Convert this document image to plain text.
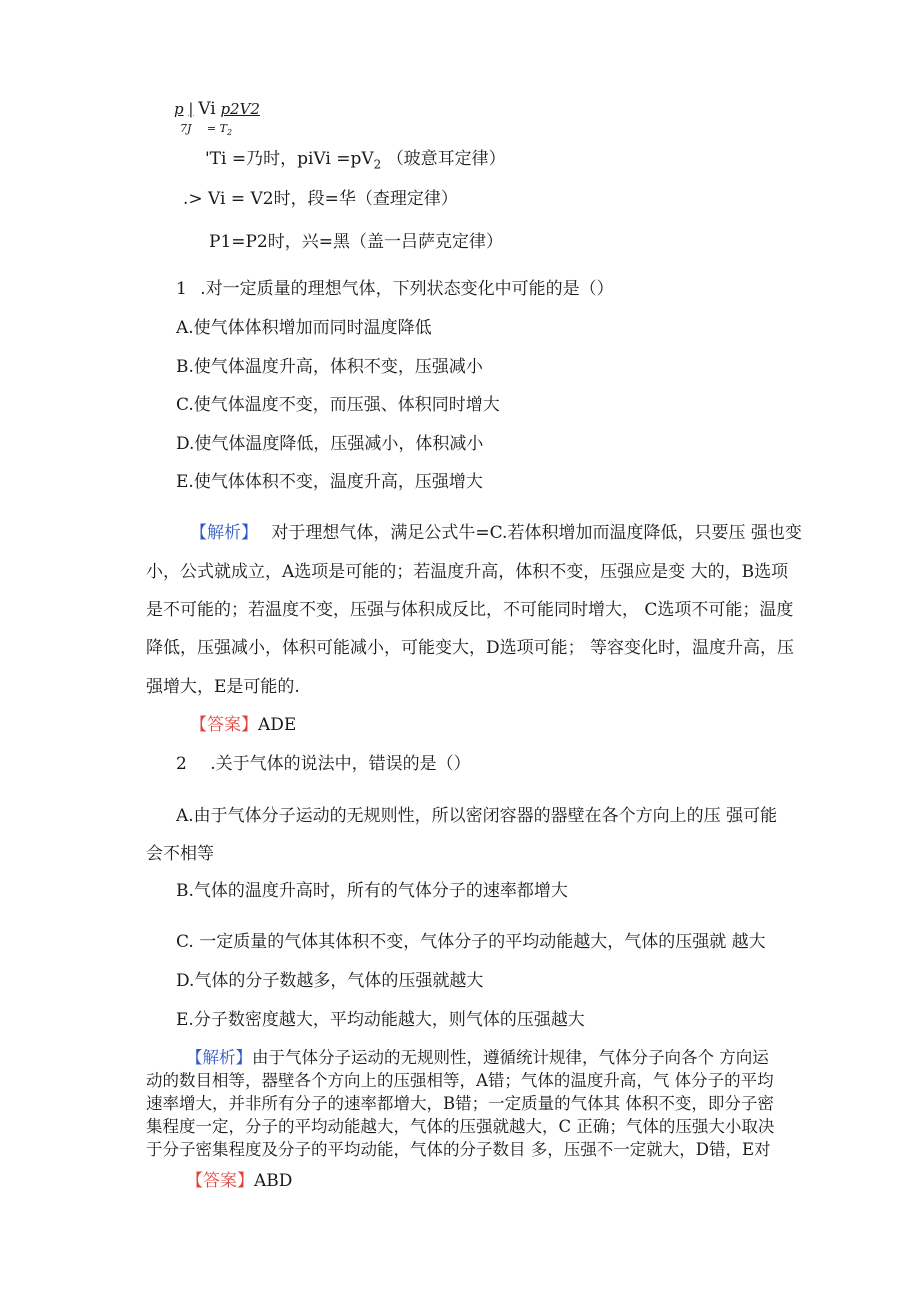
p | Vi p2V2
$7J = T_2$
'Ti =乃时，piVi $=pV_2$ （玻意耳定律）
.> Vi = V2时，段=华（查理定律）
P1=P2时，兴=黑（盖一吕萨克定律）
1 .对一定质量的理想气体，下列状态变化中可能的是（）
A.使气体体积增加而同时温度降低
B.使气体温度升高，体积不变，压强减小
C.使气体温度不变，而压强、体积同时增大
D.使气体温度降低，压强减小，体积减小
E.使气体体积不变，温度升高，压强增大
【解析】 对于理想气体，满足公式牛=C.若体积增加而温度降低，只要压 强也变
小，公式就成立，A选项是可能的；若温度升高，体积不变，压强应是变 大的，B选项
是不可能的；若温度不变，压强与体积成反比，不可能同时增大， C选项不可能；温度
降低，压强减小，体积可能减小，可能变大，D选项可能； 等容变化时，温度升高，压
强增大，E是可能的.
【答案】ADE
2 .关于气体的说法中，错误的是（）
A.由于气体分子运动的无规则性，所以密闭容器的器壁在各个方向上的压 强可能
会不相等
B.气体的温度升高时，所有的气体分子的速率都增大
C. 一定质量的气体其体积不变，气体分子的平均动能越大，气体的压强就 越大
D.气体的分子数越多，气体的压强就越大
E.分子数密度越大，平均动能越大，则气体的压强越大
【解析】由于气体分子运动的无规则性，遵循统计规律，气体分子向各个 方向运
动的数目相等，器壁各个方向上的压强相等，A错；气体的温度升高，气 体分子的平均
速率增大，并非所有分子的速率都增大，B错；一定质量的气体其 体积不变，即分子密
集程度一定，分子的平均动能越大，气体的压强就越大，C 正确；气体的压强大小取决
于分子密集程度及分子的平均动能，气体的分子数目 多，压强不一定就大，D错，E对
【答案】ABD
